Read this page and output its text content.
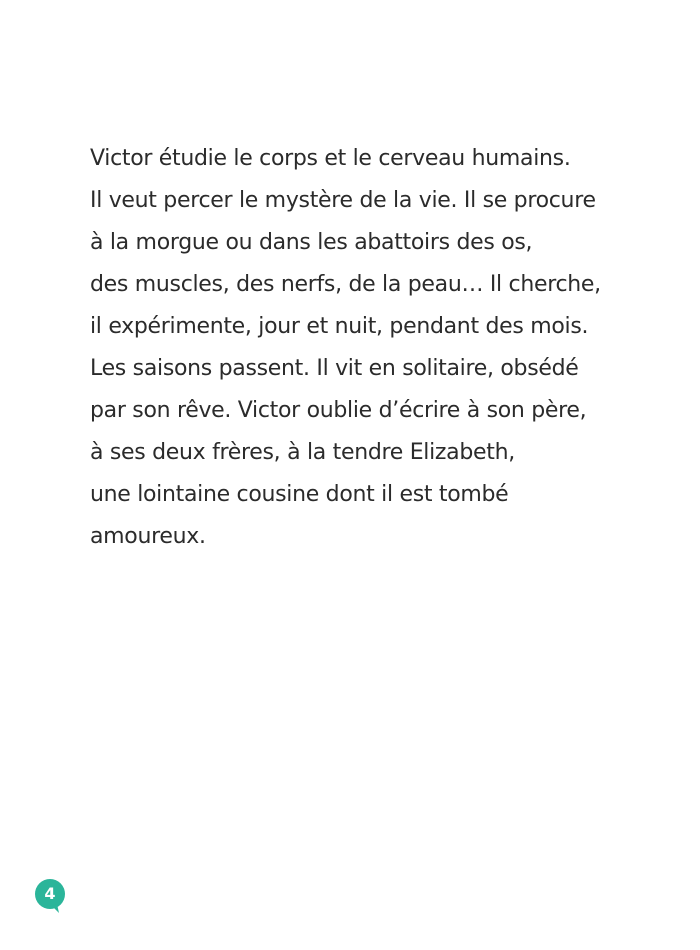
Victor étudie le corps et le cerveau humains.
Il veut percer le mystère de la vie. Il se procure
à la morgue ou dans les abattoirs des os,
des muscles, des nerfs, de la peau… Il cherche,
il expérimente, jour et nuit, pendant des mois.
Les saisons passent. Il vit en solitaire, obsédé
par son rêve. Victor oublie d’écrire à son père,
à ses deux frères, à la tendre Elizabeth,
une lointaine cousine dont il est tombé
amoureux.
4
